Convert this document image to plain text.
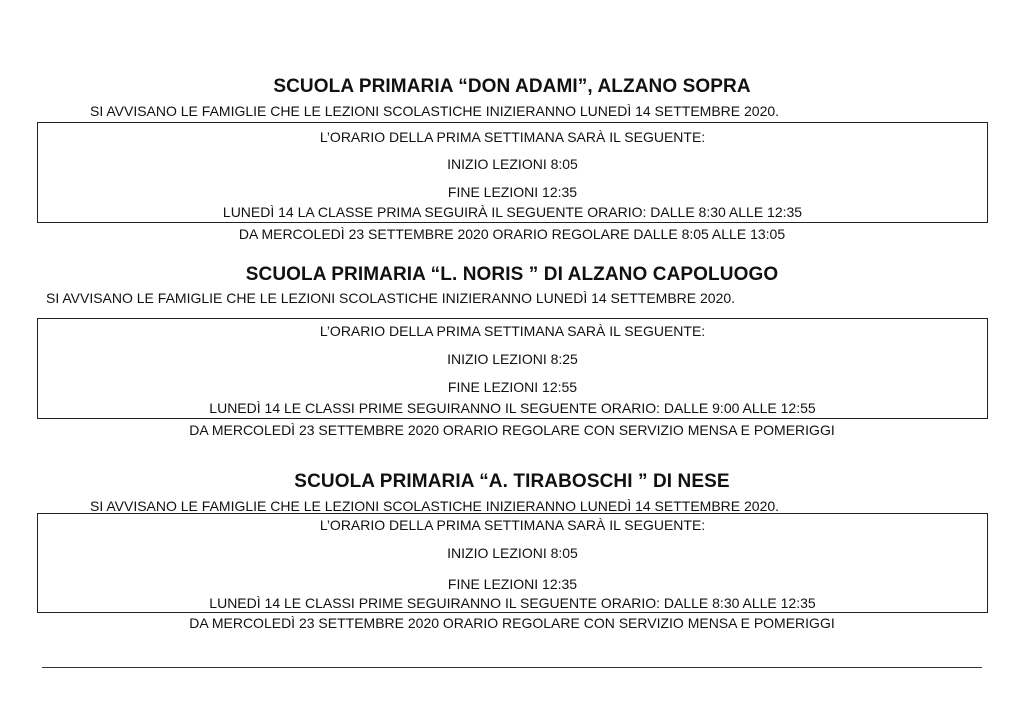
SCUOLA PRIMARIA “DON ADAMI”, ALZANO SOPRA
SI AVVISANO LE FAMIGLIE CHE LE LEZIONI SCOLASTICHE INIZIERANNO LUNEDÌ 14 SETTEMBRE 2020.
L’ORARIO DELLA PRIMA SETTIMANA SARÀ IL SEGUENTE:
INIZIO LEZIONI 8:05
FINE LEZIONI 12:35
LUNEDÌ 14 LA CLASSE PRIMA SEGUIRÀ IL SEGUENTE ORARIO: DALLE 8:30 ALLE 12:35
DA MERCOLEDÌ 23 SETTEMBRE 2020 ORARIO REGOLARE DALLE 8:05 ALLE 13:05
SCUOLA PRIMARIA “L. NORIS ” DI ALZANO CAPOLUOGO
SI AVVISANO LE FAMIGLIE CHE LE LEZIONI SCOLASTICHE INIZIERANNO LUNEDÌ 14 SETTEMBRE 2020.
L’ORARIO DELLA PRIMA SETTIMANA SARÀ IL SEGUENTE:
INIZIO LEZIONI 8:25
FINE LEZIONI 12:55
LUNEDÌ 14 LE CLASSI PRIME SEGUIRANNO IL SEGUENTE ORARIO: DALLE 9:00 ALLE 12:55
DA MERCOLEDÌ 23 SETTEMBRE 2020 ORARIO REGOLARE CON SERVIZIO MENSA E POMERIGGI
SCUOLA PRIMARIA “A. TIRABOSCHI ” DI NESE
SI AVVISANO LE FAMIGLIE CHE LE LEZIONI SCOLASTICHE INIZIERANNO LUNEDÌ 14 SETTEMBRE 2020.
L’ORARIO DELLA PRIMA SETTIMANA SARÀ IL SEGUENTE:
INIZIO LEZIONI 8:05
FINE LEZIONI 12:35
LUNEDÌ 14 LE CLASSI PRIME SEGUIRANNO IL SEGUENTE ORARIO: DALLE 8:30 ALLE 12:35
DA MERCOLEDÌ 23 SETTEMBRE 2020 ORARIO REGOLARE CON SERVIZIO MENSA E POMERIGGI
